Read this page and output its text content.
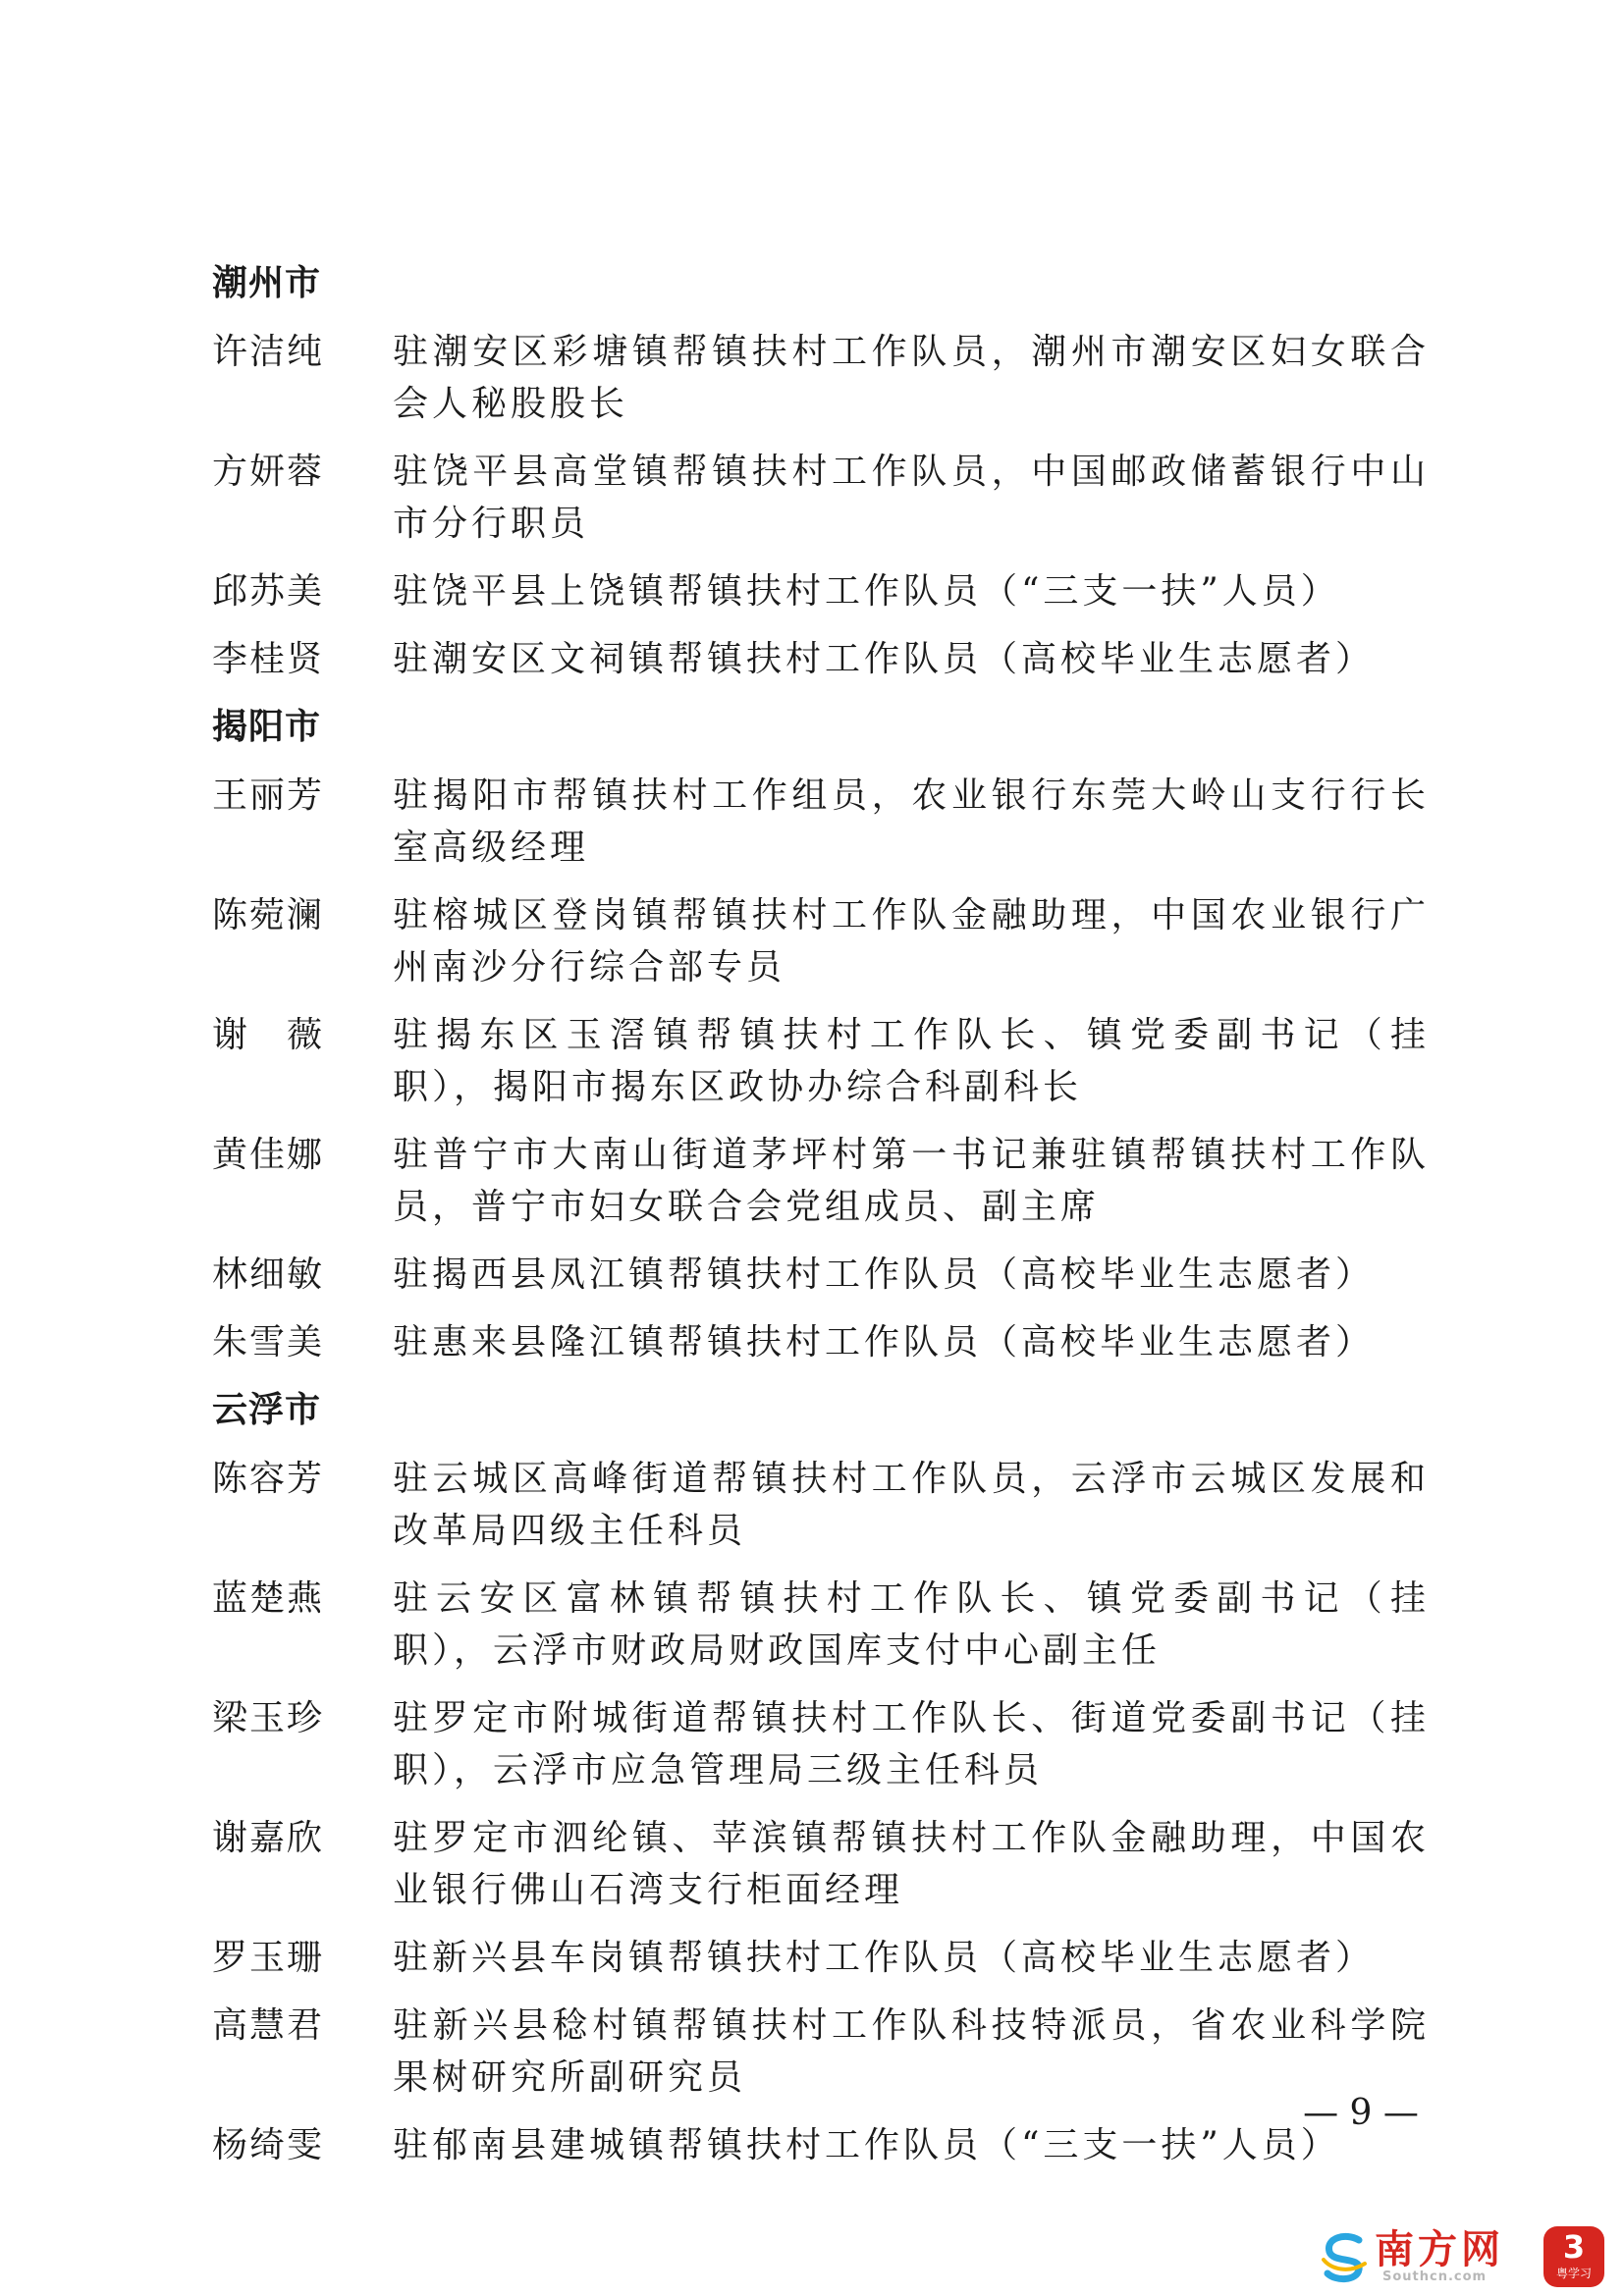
潮州市
许洁纯	驻潮安区彩塘镇帮镇扶村工作队员，潮州市潮安区妇女联合会人秘股股长
方妍蓉	驻饶平县高堂镇帮镇扶村工作队员，中国邮政储蓄银行中山市分行职员
邱苏美	驻饶平县上饶镇帮镇扶村工作队员（“三支一扶”人员）
李桂贤	驻潮安区文祠镇帮镇扶村工作队员（高校毕业生志愿者）
揭阳市
王丽芳	驻揭阳市帮镇扶村工作组员，农业银行东莞大岭山支行行长室高级经理
陈菀澜	驻榕城区登岗镇帮镇扶村工作队金融助理，中国农业银行广州南沙分行综合部专员
谢　薇	驻揭东区玉滘镇帮镇扶村工作队长、镇党委副书记（挂职），揭阳市揭东区政协办综合科副科长
黄佳娜	驻普宁市大南山街道茅坪村第一书记兼驻镇帮镇扶村工作队员，普宁市妇女联合会党组成员、副主席
林细敏	驻揭西县凤江镇帮镇扶村工作队员（高校毕业生志愿者）
朱雪美	驻惠来县隆江镇帮镇扶村工作队员（高校毕业生志愿者）
云浮市
陈容芳	驻云城区高峰街道帮镇扶村工作队员，云浮市云城区发展和改革局四级主任科员
蓝楚燕	驻云安区富林镇帮镇扶村工作队长、镇党委副书记（挂职），云浮市财政局财政国库支付中心副主任
梁玉珍	驻罗定市附城街道帮镇扶村工作队长、街道党委副书记（挂职），云浮市应急管理局三级主任科员
谢嘉欣	驻罗定市泗纶镇、苹滨镇帮镇扶村工作队金融助理，中国农业银行佛山石湾支行柜面经理
罗玉珊	驻新兴县车岗镇帮镇扶村工作队员（高校毕业生志愿者）
高慧君	驻新兴县稔村镇帮镇扶村工作队科技特派员，省农业科学院果树研究所副研究员
杨绮雯	驻郁南县建城镇帮镇扶村工作队员（“三支一扶”人员）
— 9 —
南方网
Southcn.com
3
粤学习
